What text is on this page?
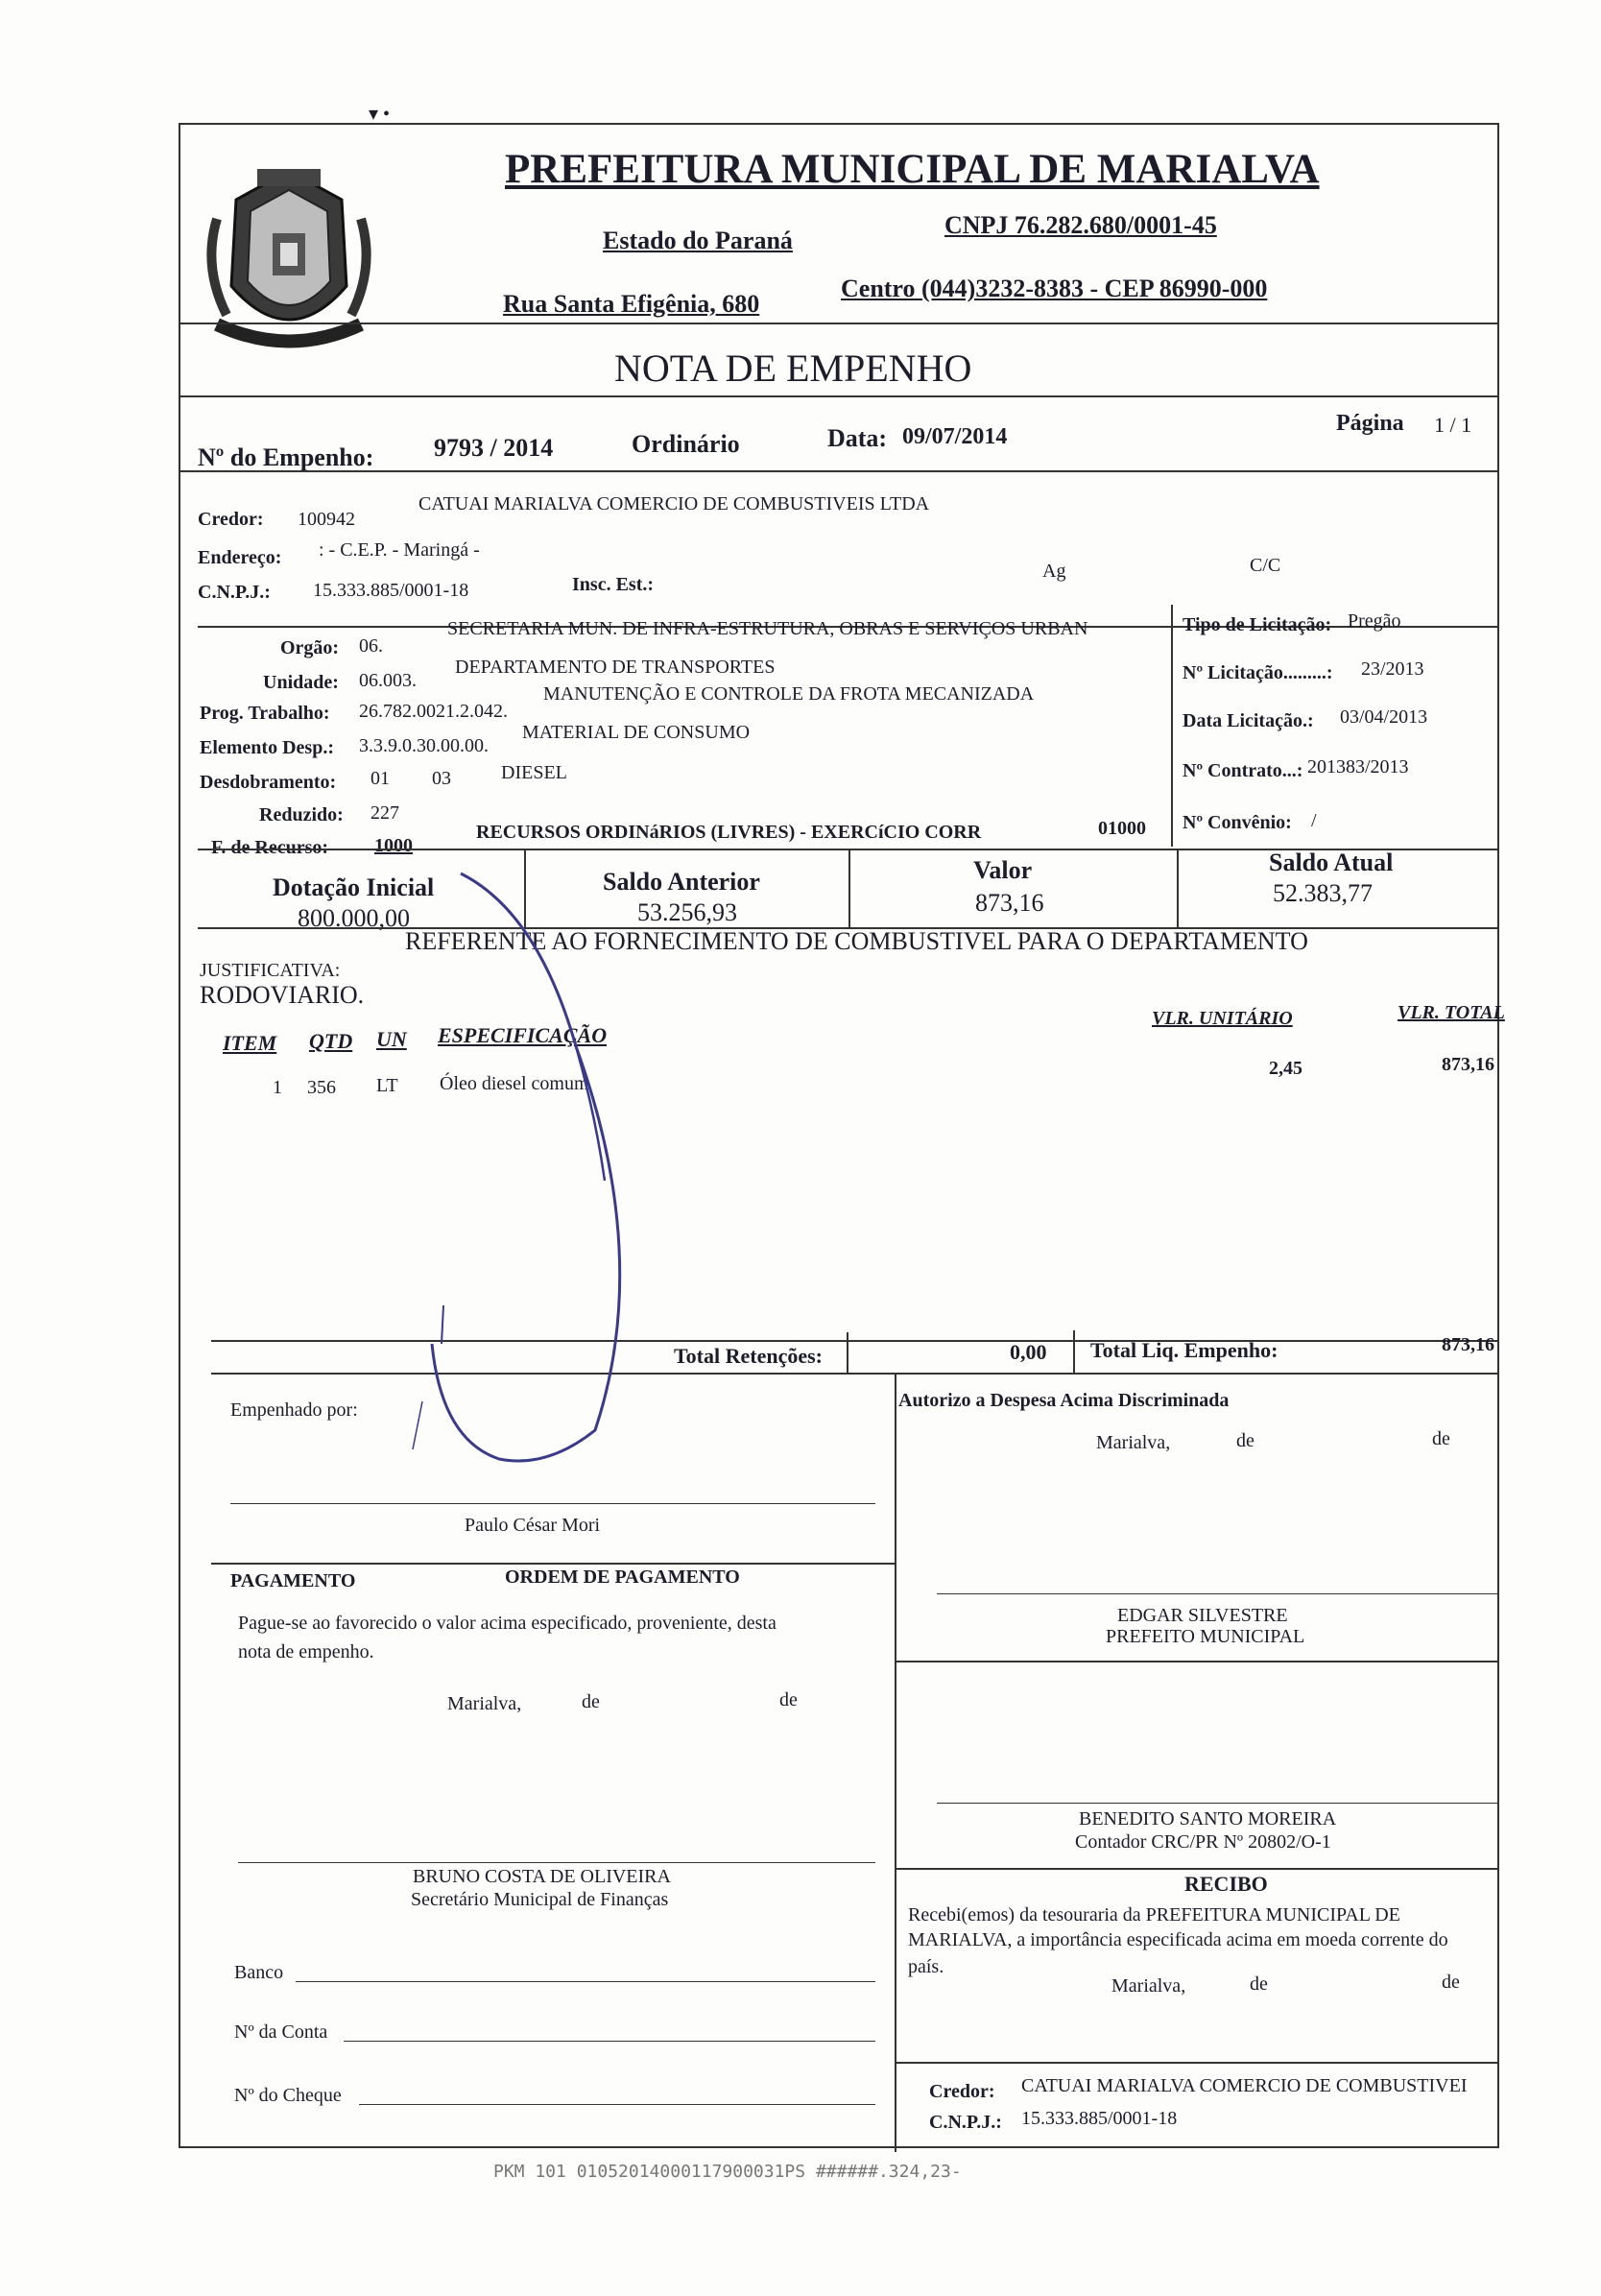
▾ •
PREFEITURA MUNICIPAL DE MARIALVA
Estado do Paraná
CNPJ 76.282.680/0001-45
Rua Santa Efigênia, 680
Centro (044)3232-8383 - CEP 86990-000
NOTA DE EMPENHO
Nº do Empenho: 9793 / 2014	Ordinário	Data: 09/07/2014
Página 1 / 1
Credor: 100942
CATUAI MARIALVA COMERCIO DE COMBUSTIVEIS LTDA
Endereço: : - C.E.P. - Maringá -
C.N.P.J.: 15.333.885/0001-18	Insc. Est.:
Ag	C/C
Orgão: 06.
SECRETARIA MUN. DE INFRA-ESTRUTURA, OBRAS E SERVIÇOS URBAN
Unidade: 06.003.
DEPARTAMENTO DE TRANSPORTES
Prog. Trabalho: 26.782.0021.2.042.
MANUTENÇÃO E CONTROLE DA FROTA MECANIZADA
Elemento Desp.: 3.3.9.0.30.00.00.
MATERIAL DE CONSUMO
Desdobramento: 01 03	DIESEL
Reduzido: 227
F. de Recurso: 1000
RECURSOS ORDINáRIOS (LIVRES) - EXERCíCIO CORR	01000
Tipo de Licitação: Pregão
Nº Licitação.........: 23/2013
Data Licitação.: 03/04/2013
Nº Contrato...: 201383/2013
Nº Convênio: /
Dotação Inicial
800.000,00
Saldo Anterior
53.256,93
Valor
873,16
Saldo Atual
52.383,77
JUSTIFICATIVA:
REFERENTE AO FORNECIMENTO DE COMBUSTIVEL PARA O DEPARTAMENTO
RODOVIARIO.
ITEM QTD UN ESPECIFICAÇÃO
VLR. UNITÁRIO	VLR. TOTAL
1 356 LT Óleo diesel comum
2,45	873,16
Total Retenções:	0,00 Total Liq. Empenho:	873,16
Empenhado por:
Paulo César Mori
Autorizo a Despesa Acima Discriminada
Marialva,	de	de
EDGAR SILVESTRE
PREFEITO MUNICIPAL
PAGAMENTO	ORDEM DE PAGAMENTO
Pague-se ao favorecido o valor acima especificado, proveniente, desta
nota de empenho.
Marialva,	de	de
BENEDITO SANTO MOREIRA
Contador CRC/PR Nº 20802/O-1
BRUNO COSTA DE OLIVEIRA
Secretário Municipal de Finanças
RECIBO
Recebi(emos) da tesouraria da PREFEITURA MUNICIPAL DE
MARIALVA, a importância especificada acima em moeda corrente do
país.
Marialva,	de	de
Banco
Nº da Conta
Nº do Cheque	Credor: CATUAI MARIALVA COMERCIO DE COMBUSTIVEI
C.N.P.J.: 15.333.885/0001-18
PKM 101 01052014000117900031PS ######.324,23-
